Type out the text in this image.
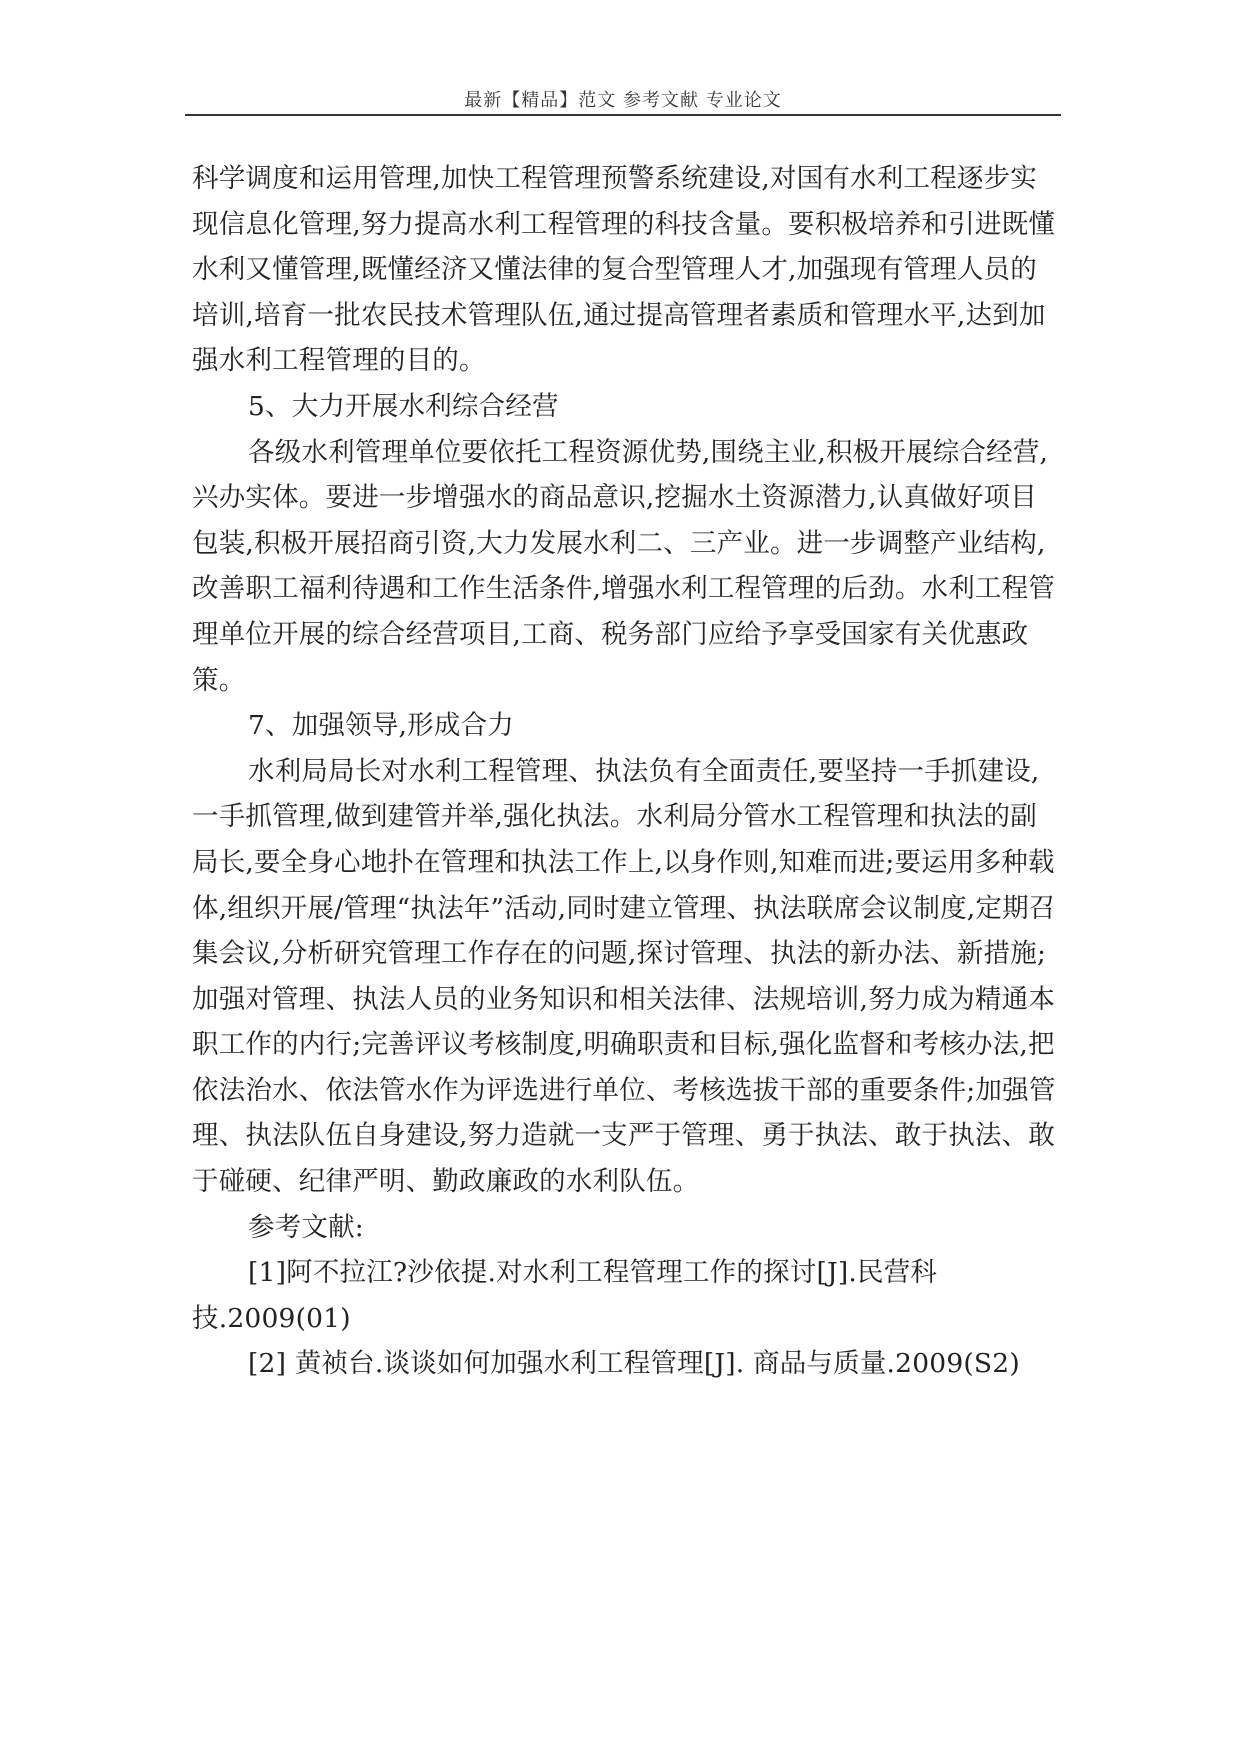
最新【精品】范文 参考文献 专业论文

科学调度和运用管理,加快工程管理预警系统建设,对国有水利工程逐步实现信息化管理,努力提高水利工程管理的科技含量。要积极培养和引进既懂水利又懂管理,既懂经济又懂法律的复合型管理人才,加强现有管理人员的培训,培育一批农民技术管理队伍,通过提高管理者素质和管理水平,达到加强水利工程管理的目的。

5、大力开展水利综合经营

各级水利管理单位要依托工程资源优势,围绕主业,积极开展综合经营,兴办实体。要进一步增强水的商品意识,挖掘水土资源潜力,认真做好项目包装,积极开展招商引资,大力发展水利二、三产业。进一步调整产业结构,改善职工福利待遇和工作生活条件,增强水利工程管理的后劲。水利工程管理单位开展的综合经营项目,工商、税务部门应给予享受国家有关优惠政策。

7、加强领导,形成合力

水利局局长对水利工程管理、执法负有全面责任,要坚持一手抓建设,一手抓管理,做到建管并举,强化执法。水利局分管水工程管理和执法的副局长,要全身心地扑在管理和执法工作上,以身作则,知难而进;要运用多种载体,组织开展/管理“执法年”活动,同时建立管理、执法联席会议制度,定期召集会议,分析研究管理工作存在的问题,探讨管理、执法的新办法、新措施;加强对管理、执法人员的业务知识和相关法律、法规培训,努力成为精通本职工作的内行;完善评议考核制度,明确职责和目标,强化监督和考核办法,把依法治水、依法管水作为评选进行单位、考核选拔干部的重要条件;加强管理、执法队伍自身建设,努力造就一支严于管理、勇于执法、敢于执法、敢于碰硬、纪律严明、勤政廉政的水利队伍。

参考文献:

[1]阿不拉江?沙依提.对水利工程管理工作的探讨[J].民营科技.2009(01)

[2] 黄祯台.谈谈如何加强水利工程管理[J]. 商品与质量.2009(S2)
